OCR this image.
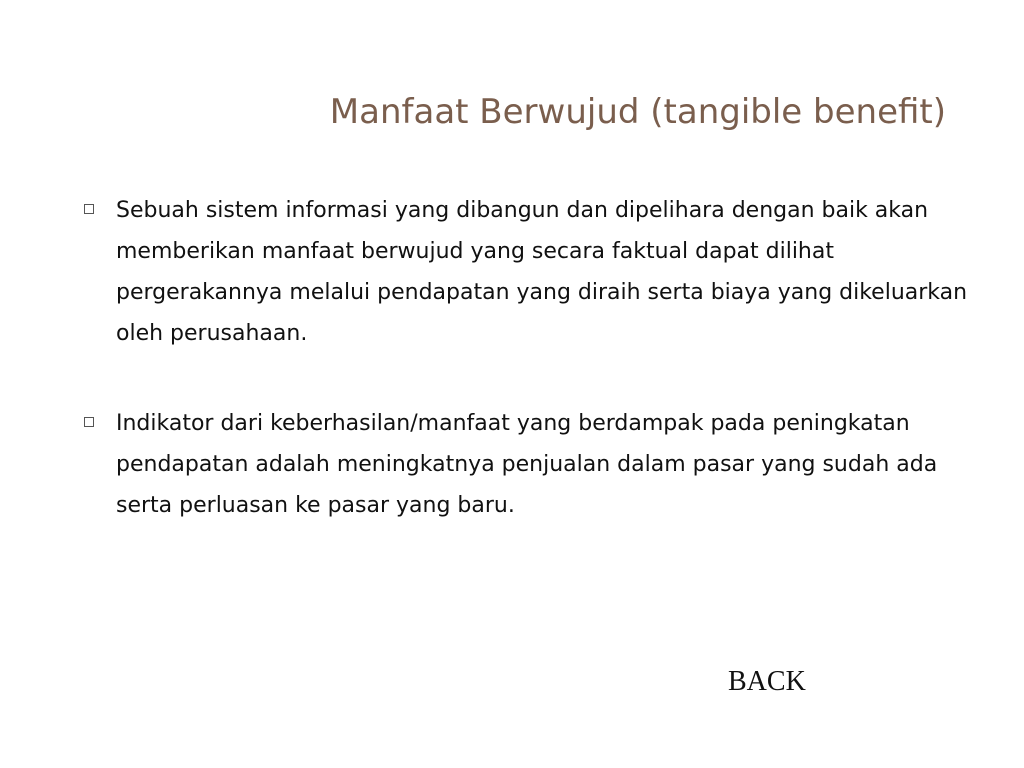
Manfaat Berwujud (tangible benefit)
Sebuah sistem informasi yang dibangun dan dipelihara dengan baik akan memberikan manfaat berwujud yang secara faktual dapat dilihat pergerakannya melalui pendapatan yang diraih serta biaya yang dikeluarkan oleh perusahaan.
Indikator dari keberhasilan/manfaat yang berdampak pada peningkatan pendapatan adalah meningkatnya penjualan dalam pasar yang sudah ada serta perluasan ke pasar yang baru.
BACK
